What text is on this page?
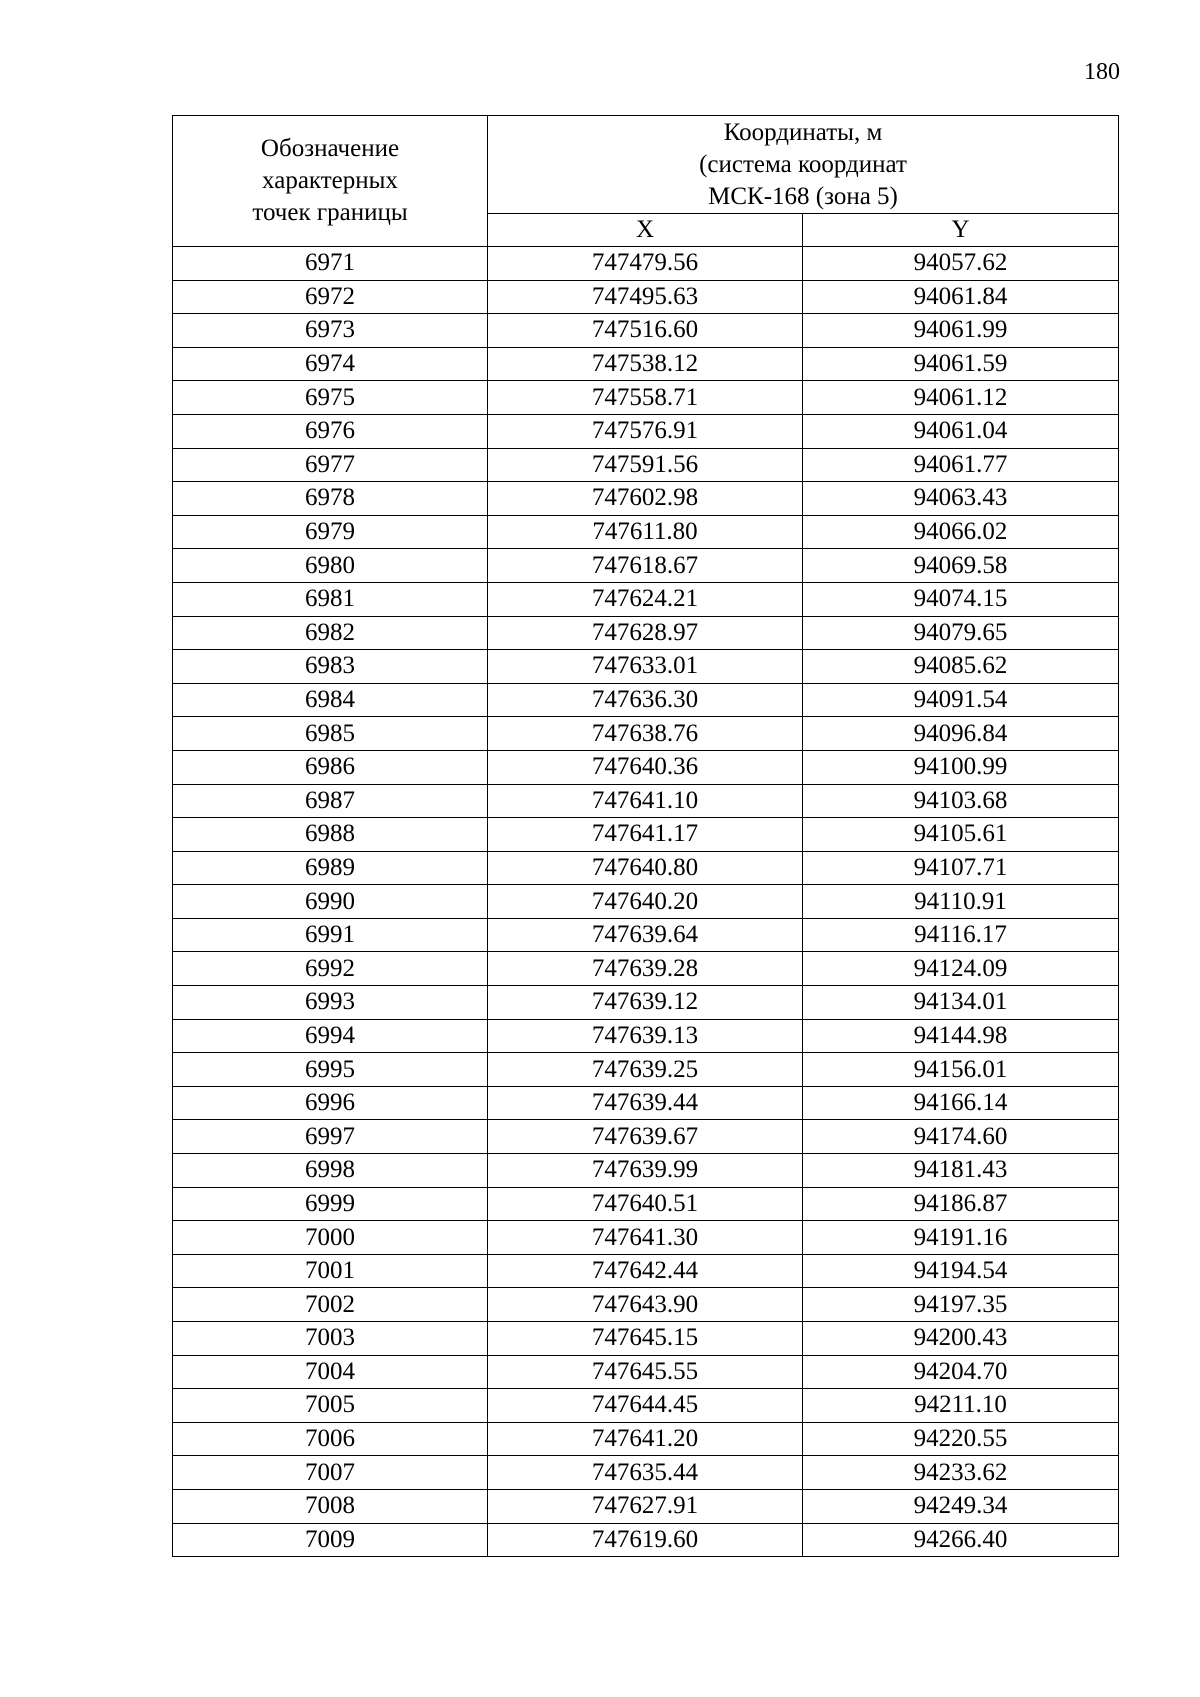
180
Обозначение характерных точек границы	Координаты, м
(система координат
МСК-168 (зона 5)	
	X	Y
6971	747479.56	94057.62
6972	747495.63	94061.84
6973	747516.60	94061.99
6974	747538.12	94061.59
6975	747558.71	94061.12
6976	747576.91	94061.04
6977	747591.56	94061.77
6978	747602.98	94063.43
6979	747611.80	94066.02
6980	747618.67	94069.58
6981	747624.21	94074.15
6982	747628.97	94079.65
6983	747633.01	94085.62
6984	747636.30	94091.54
6985	747638.76	94096.84
6986	747640.36	94100.99
6987	747641.10	94103.68
6988	747641.17	94105.61
6989	747640.80	94107.71
6990	747640.20	94110.91
6991	747639.64	94116.17
6992	747639.28	94124.09
6993	747639.12	94134.01
6994	747639.13	94144.98
6995	747639.25	94156.01
6996	747639.44	94166.14
6997	747639.67	94174.60
6998	747639.99	94181.43
6999	747640.51	94186.87
7000	747641.30	94191.16
7001	747642.44	94194.54
7002	747643.90	94197.35
7003	747645.15	94200.43
7004	747645.55	94204.70
7005	747644.45	94211.10
7006	747641.20	94220.55
7007	747635.44	94233.62
7008	747627.91	94249.34
7009	747619.60	94266.40
